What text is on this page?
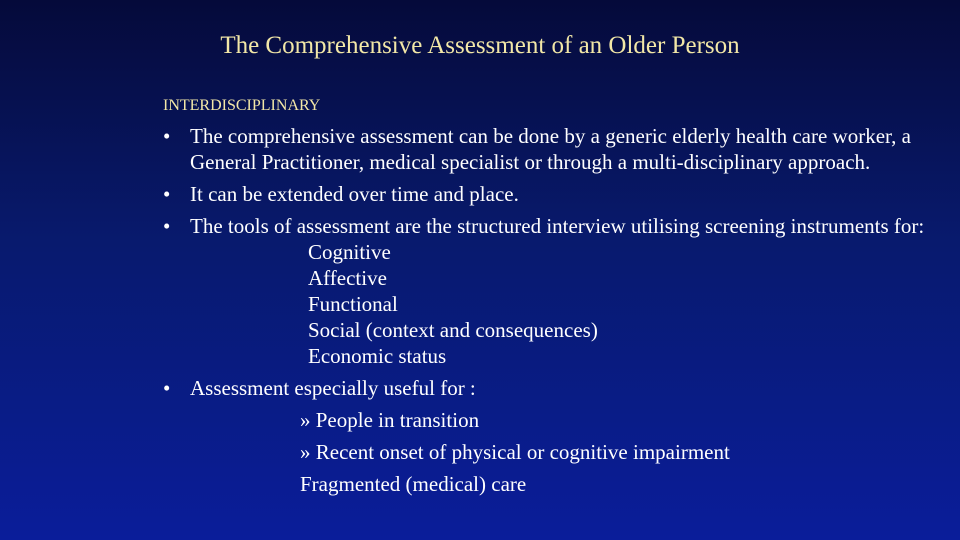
The Comprehensive Assessment of an Older Person
INTERDISCIPLINARY
• The comprehensive assessment can be done by a generic elderly health care worker, a General Practitioner, medical specialist or through a multi-disciplinary approach.
• It can be extended over time and place.
• The tools of assessment are the structured interview utilising screening instruments for:
Cognitive
Affective
Functional
Social (context and consequences)
Economic status
• Assessment especially useful for :
» People in transition
» Recent onset of physical or cognitive impairment
Fragmented (medical) care
